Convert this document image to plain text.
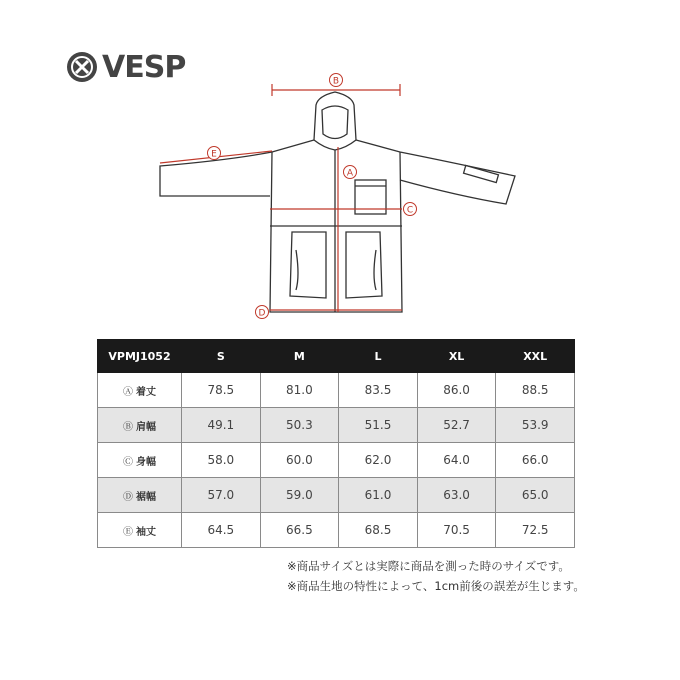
VESP	B
A
C
D
E
VPMJ1052	S	M	L	XL	XXL
Ⓐ 着丈	78.5	81.0	83.5	86.0	88.5
Ⓑ 肩幅	49.1	50.3	51.5	52.7	53.9
Ⓒ 身幅	58.0	60.0	62.0	64.0	66.0
Ⓓ 裾幅	57.0	59.0	61.0	63.0	65.0
Ⓔ 袖丈	64.5	66.5	68.5	70.5	72.5
※商品サイズとは実際に商品を測った時のサイズです。
※商品生地の特性によって、1cm前後の誤差が生じます。
